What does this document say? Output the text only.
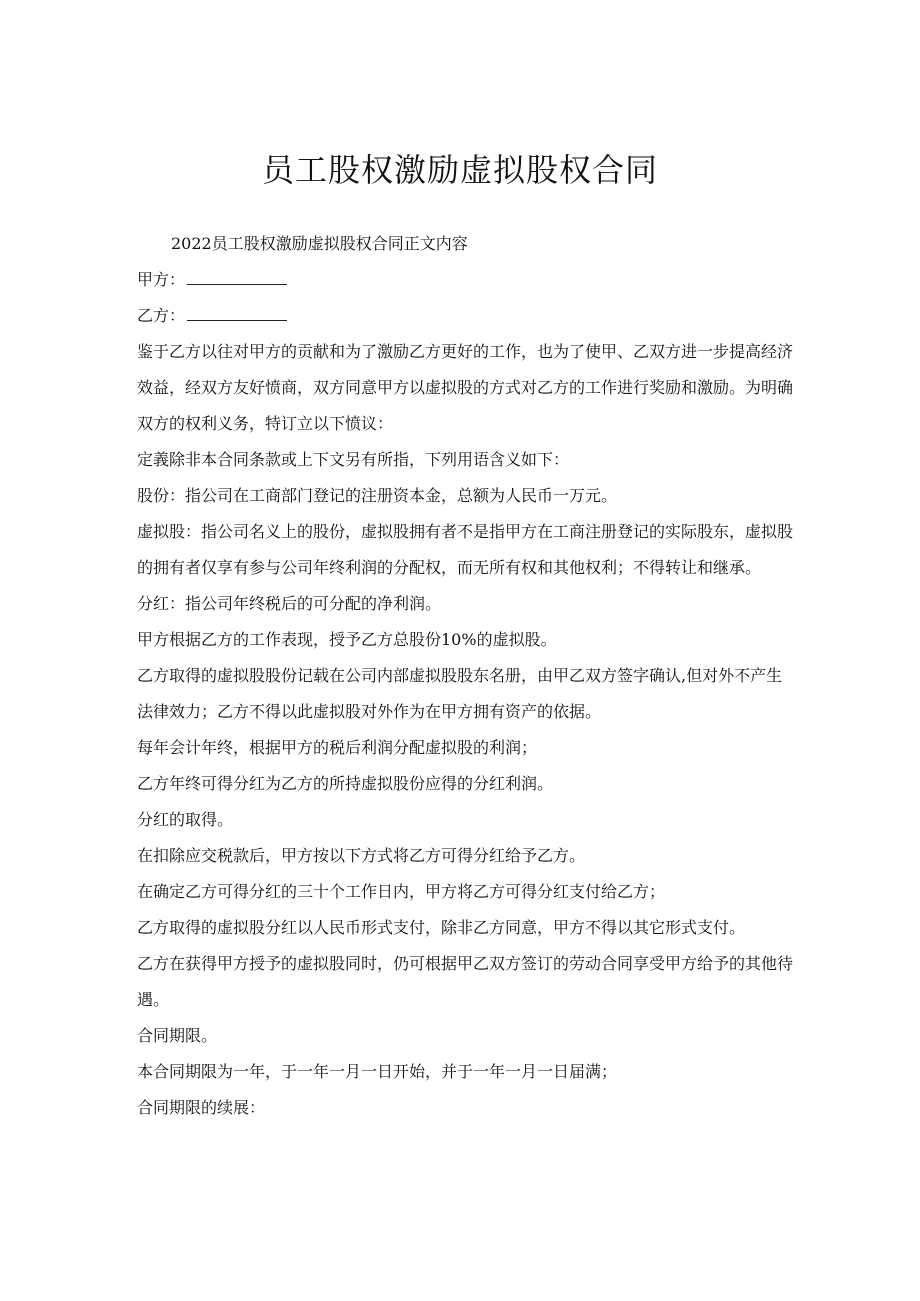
员工股权激励虚拟股权合同

2022员工股权激励虚拟股权合同正文内容

甲方：

乙方：

鉴于乙方以往对甲方的贡献和为了激励乙方更好的工作，也为了使甲、乙双方进一步提高经济效益，经双方友好愤商，双方同意甲方以虚拟股的方式对乙方的工作进行奖励和激励。为明确双方的权利义务，特订立以下愤议：

定義除非本合同条款或上下文另有所指，下列用语含义如下：

股份：指公司在工商部门登记的注册资本金，总额为人民币一万元。

虚拟股：指公司名义上的股份，虚拟股拥有者不是指甲方在工商注册登记的实际股东，虚拟股的拥有者仅享有参与公司年终利润的分配权，而无所有权和其他权利；不得转让和继承。

分红：指公司年终税后的可分配的净利润。

甲方根据乙方的工作表现，授予乙方总股份10%的虚拟股。

乙方取得的虚拟股股份记载在公司内部虚拟股股东名册，由甲乙双方签字确认,但对外不产生法律效力；乙方不得以此虚拟股对外作为在甲方拥有资产的依据。

每年会计年终，根据甲方的税后利润分配虚拟股的利润；

乙方年终可得分红为乙方的所持虚拟股份应得的分红利润。

分红的取得。

在扣除应交税款后，甲方按以下方式将乙方可得分红给予乙方。

在确定乙方可得分红的三十个工作日内，甲方将乙方可得分红支付给乙方；

乙方取得的虚拟股分红以人民币形式支付，除非乙方同意，甲方不得以其它形式支付。

乙方在获得甲方授予的虚拟股同时，仍可根据甲乙双方签订的劳动合同享受甲方给予的其他待遇。

合同期限。

本合同期限为一年，于一年一月一日开始，并于一年一月一日届满；

合同期限的续展：
